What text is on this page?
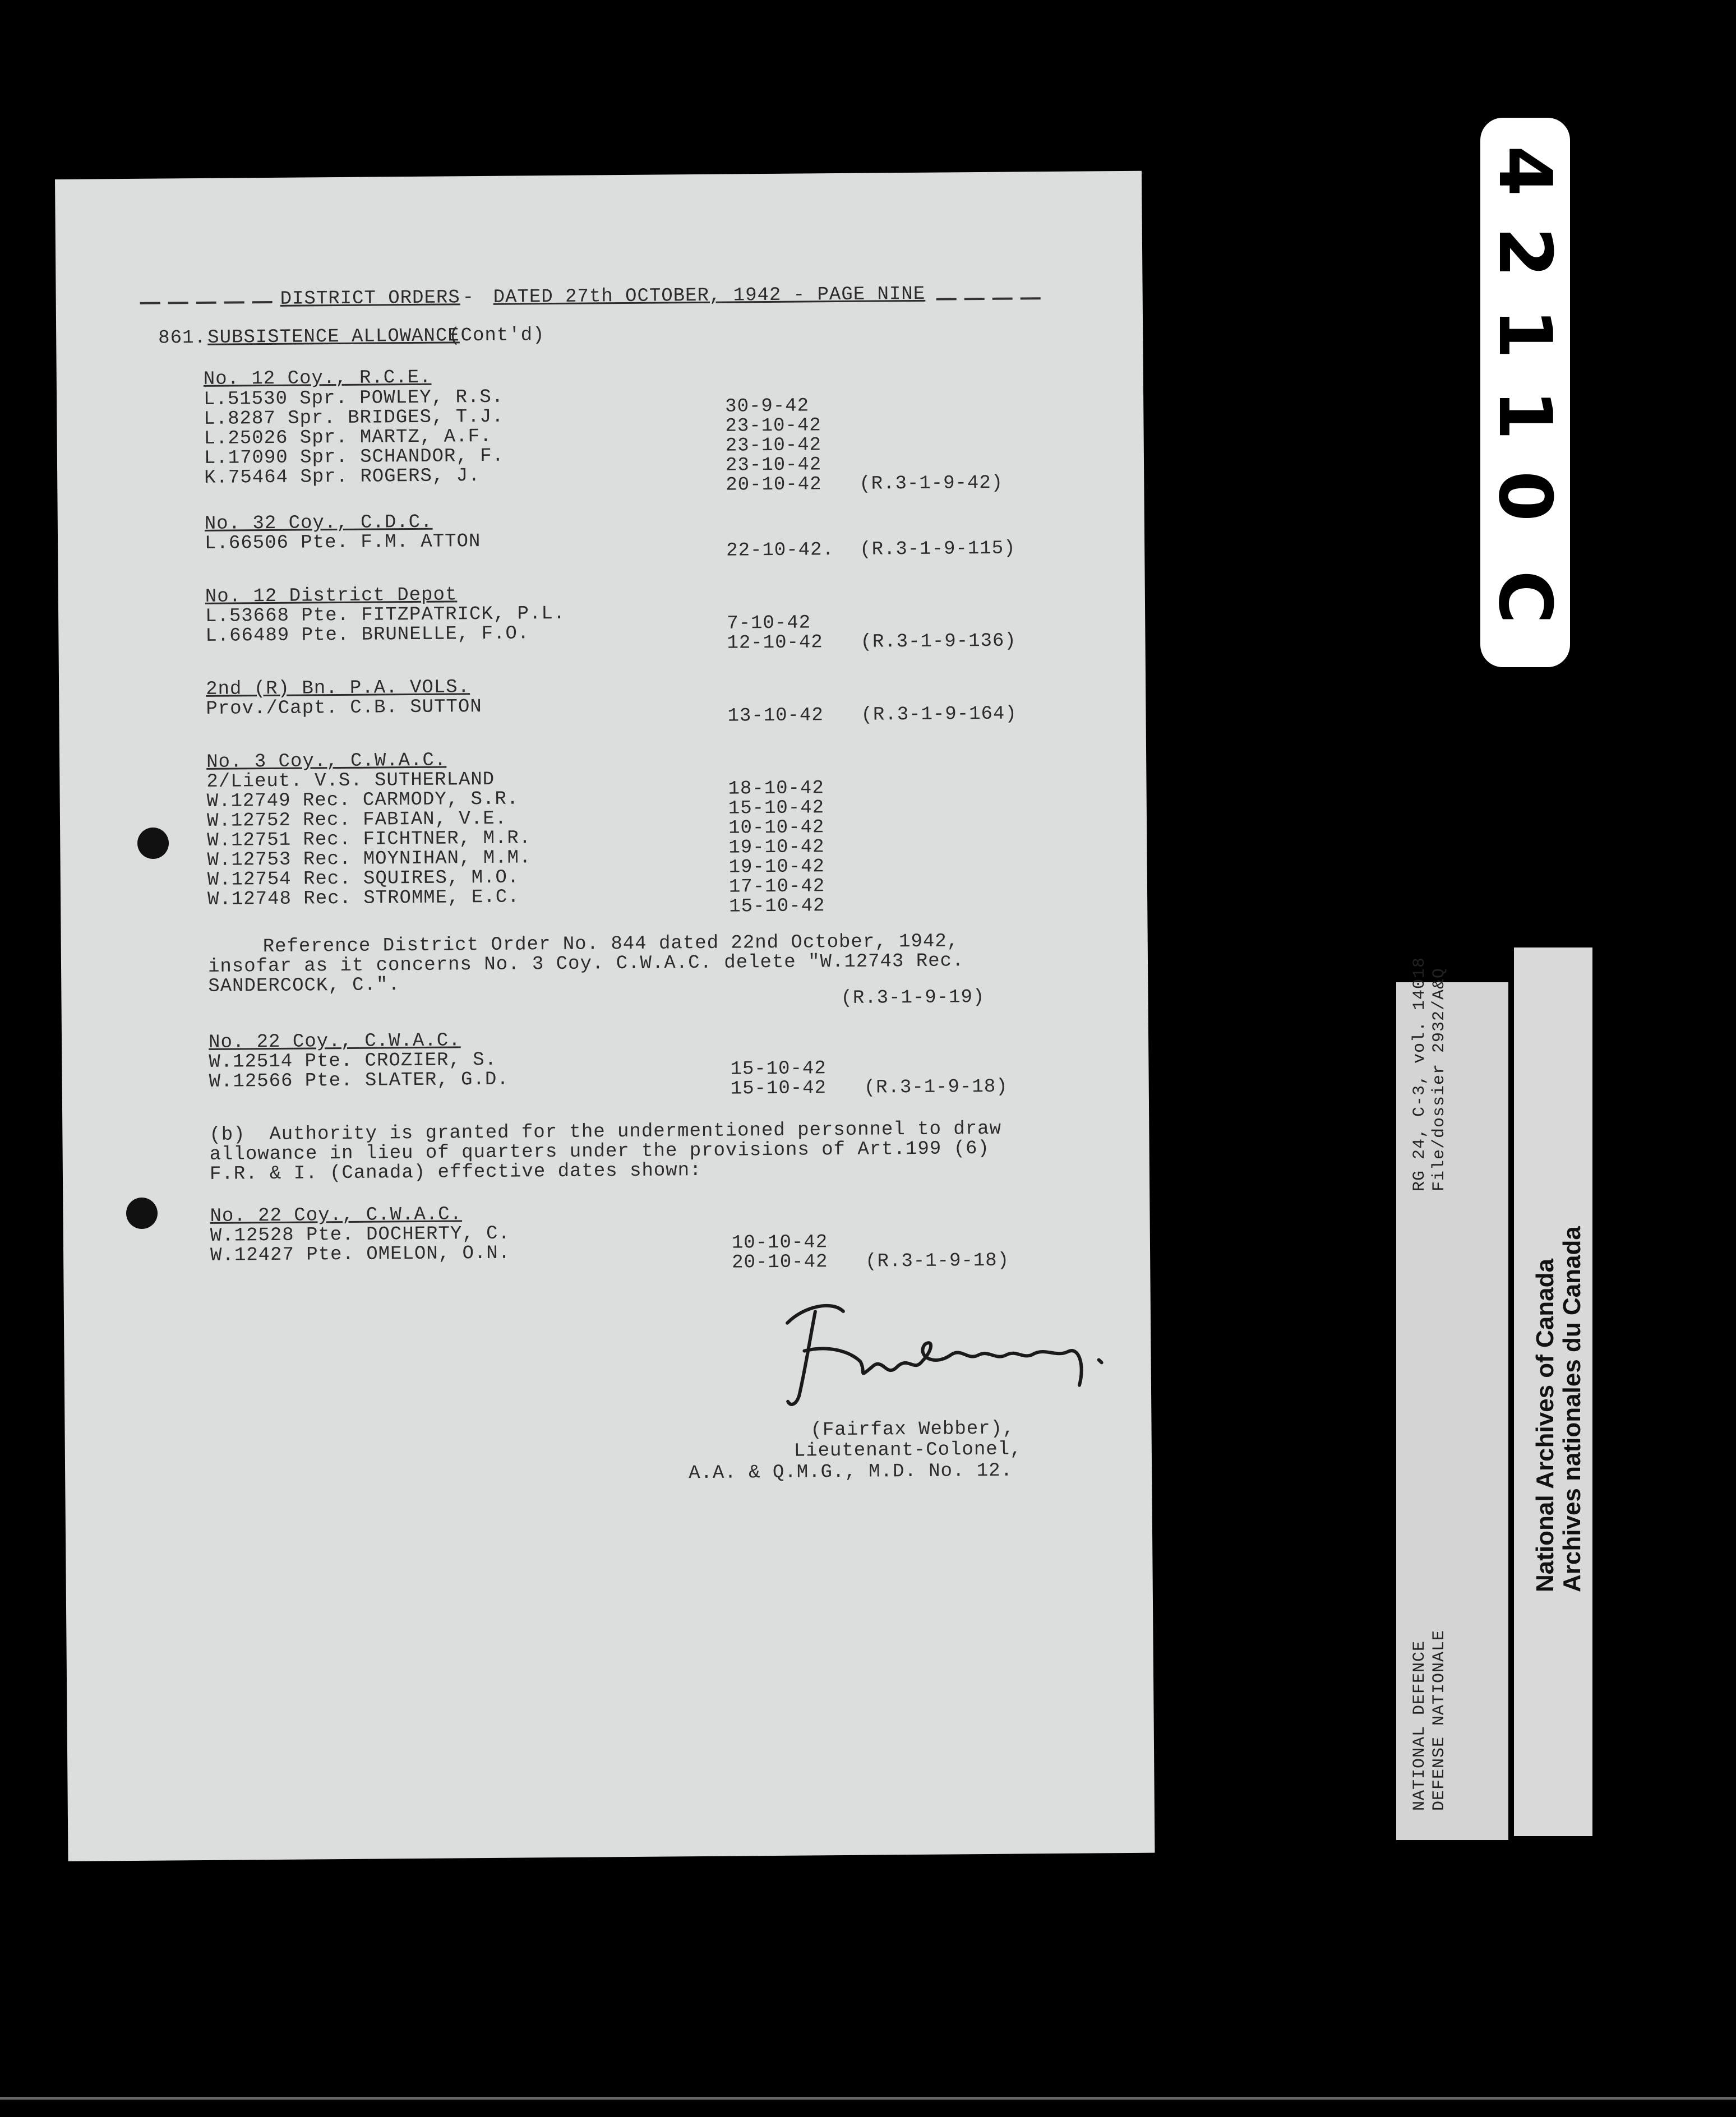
DISTRICT ORDERS - DATED 27th OCTOBER, 1942 - PAGE NINE
861. SUBSISTENCE ALLOWANCE
(Cont'd)
No. 12 Coy., R.C.E.
L.51530 Spr. POWLEY, R.S.	30-9-42
L.8287 Spr. BRIDGES, T.J.	23-10-42
L.25026 Spr. MARTZ, A.F.	23-10-42
L.17090 Spr. SCHANDOR, F.	23-10-42
K.75464 Spr. ROGERS, J.	20-10-42 (R.3-1-9-42)
No. 32 Coy., C.D.C.
L.66506 Pte. F.M. ATTON	22-10-42. (R.3-1-9-115)
No. 12 District Depot
L.53668 Pte. FITZPATRICK, P.L.	7-10-42
L.66489 Pte. BRUNELLE, F.O.	12-10-42 (R.3-1-9-136)
2nd (R) Bn. P.A. VOLS.
Prov./Capt. C.B. SUTTON	13-10-42 (R.3-1-9-164)
No. 3 Coy., C.W.A.C.
2/Lieut. V.S. SUTHERLAND	18-10-42
W.12749 Rec. CARMODY, S.R.	15-10-42
W.12752 Rec. FABIAN, V.E.	10-10-42
W.12751 Rec. FICHTNER, M.R.	19-10-42
W.12753 Rec. MOYNIHAN, M.M.	19-10-42
W.12754 Rec. SQUIRES, M.O.	17-10-42
W.12748 Rec. STROMME, E.C.	15-10-42
Reference District Order No. 844 dated 22nd October, 1942,
insofar as it concerns No. 3 Coy. C.W.A.C. delete "W.12743 Rec.
SANDERCOCK, C.".
(R.3-1-9-19)
No. 22 Coy., C.W.A.C.
W.12514 Pte. CROZIER, S.	15-10-42
W.12566 Pte. SLATER, G.D.	15-10-42 (R.3-1-9-18)
(b)  Authority is granted for the undermentioned personnel to draw
allowance in lieu of quarters under the provisions of Art.199 (6)
F.R. & I. (Canada) effective dates shown:
No. 22 Coy., C.W.A.C.
W.12528 Pte. DOCHERTY, C.	10-10-42
W.12427 Pte. OMELON, O.N.	20-10-42 (R.3-1-9-18)
(Fairfax Webber),
Lieutenant-Colonel,
A.A. & Q.M.G., M.D. No. 12.
4
2
1
1
0
C
RG 24, C-3, vol. 14018 File/dossier 2932/A&Q
NATIONAL DEFENCE DEFENSE NATIONALE
National Archives of Canada Archives nationales du Canada
